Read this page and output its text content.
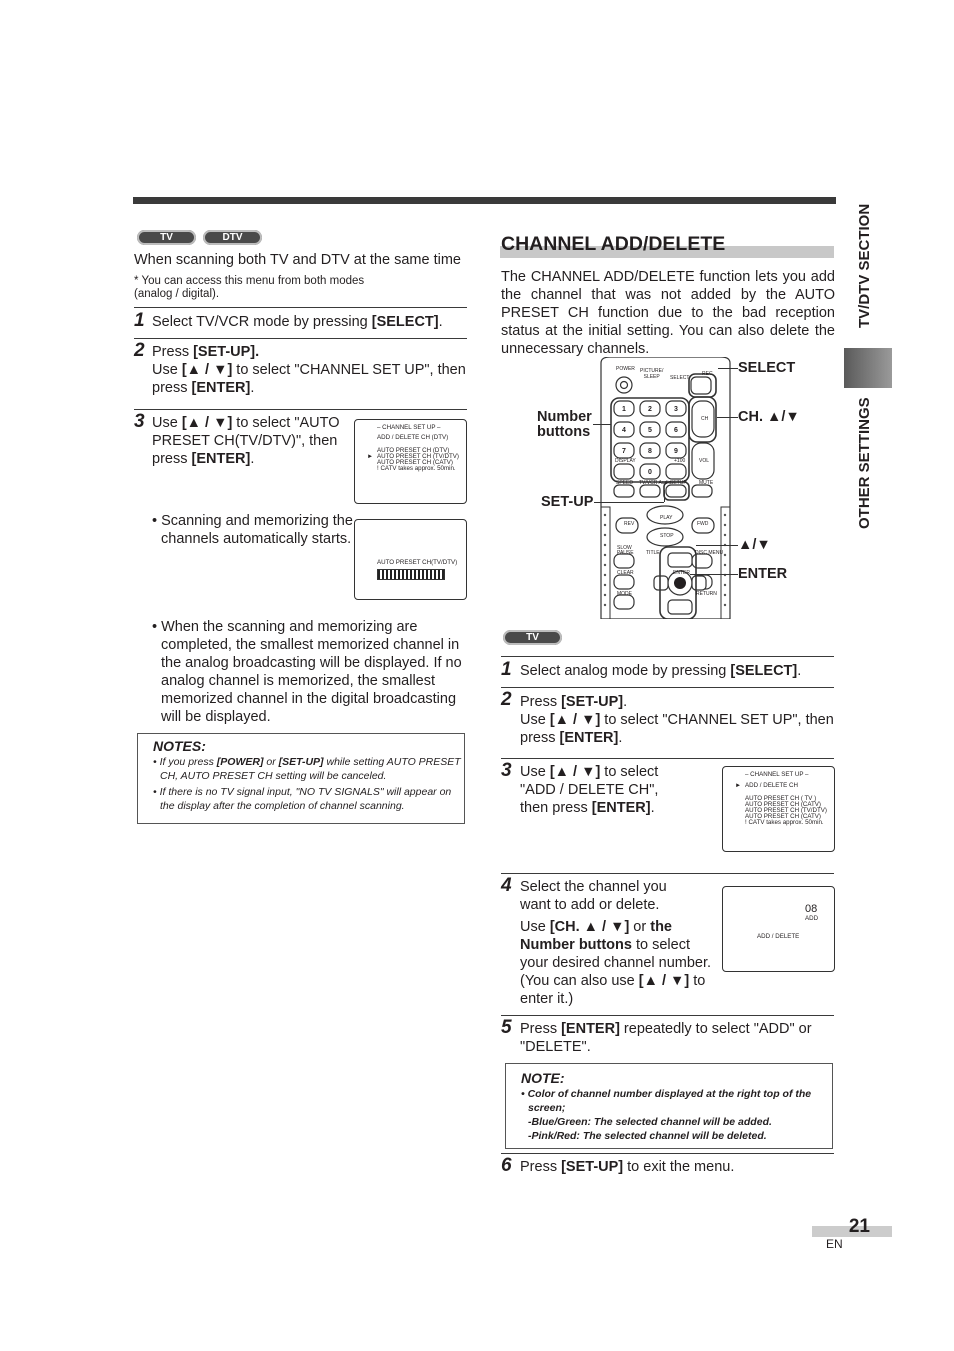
TV/DTV SECTION
OTHER SETTINGS
TV	DTV
When scanning both TV and DTV at the same time
* You can access this menu from both modes
(analog / digital).
1 Select TV/VCR mode by pressing [SELECT].
2 Press [SET-UP].
Use [▲ / ▼] to select "CHANNEL SET UP", then
press [ENTER].
3 Use [▲ / ▼] to select "AUTO PRESET CH(TV/DTV)", then press [ENTER].
– CHANNEL SET UP –
ADD / DELETE CH (DTV)
►
AUTO PRESET CH (DTV)
AUTO PRESET CH (TV/DTV)
AUTO PRESET CH (CATV)
! CATV takes approx. 50min.
• Scanning and memorizing the channels automatically starts.
AUTO PRESET CH(TV/DTV)
• When the scanning and memorizing are completed, the smallest memorized channel in the analog broadcasting will be displayed. If no analog channel is memorized, the smallest memorized channel in the digital broadcasting will be displayed.
NOTES:
• If you press [POWER] or [SET-UP] while setting AUTO PRESET CH, AUTO PRESET CH setting will be canceled.
• If there is no TV signal input, "NO TV SIGNALS" will appear on the display after the completion of channel scanning.
CHANNEL ADD/DELETE
The CHANNEL ADD/DELETE function lets you add the channel that was not added by the AUTO PRESET CH function due to the bad reception status at the initial setting. You can also delete the unnecessary channels.
1	2	3
4	5	6
7	8	9
0
POWER PICTURE/
SLEEP	SELECT
REC
CH
DISPLAY	+100	VOL
SPEED TV/VCR Audio
SETUP MUTE
PLAY
REV	FWD
STOP
SLOW
PAUSE TITLE	DISC MENU
CLEAR	ENTER
MODE	RETURN
SELECT
CH. ▲/▼
Number
buttons
SET-UP
▲/▼
ENTER
TV
1 Select analog mode by pressing [SELECT].
2 Press [SET-UP].
Use [▲ / ▼] to select "CHANNEL SET UP", then
press [ENTER].
3 Use [▲ / ▼] to select "ADD / DELETE CH", then press [ENTER].
– CHANNEL SET UP –
► ADD / DELETE CH
AUTO PRESET CH ( TV )
AUTO PRESET CH (CATV)
AUTO PRESET CH (TV/DTV)
AUTO PRESET CH (CATV)
! CATV takes approx. 50min.
4 Select the channel you want to add or delete.
Use [CH. ▲ / ▼] or the Number buttons to select your desired channel number. (You can also use [▲ / ▼] to enter it.)
08
ADD
ADD / DELETE
5 Press [ENTER] repeatedly to select "ADD" or "DELETE".
NOTE:
• Color of channel number displayed at the right top of the screen;
-Blue/Green: The selected channel will be added.
-Pink/Red: The selected channel will be deleted.
6 Press [SET-UP] to exit the menu.
21
EN
